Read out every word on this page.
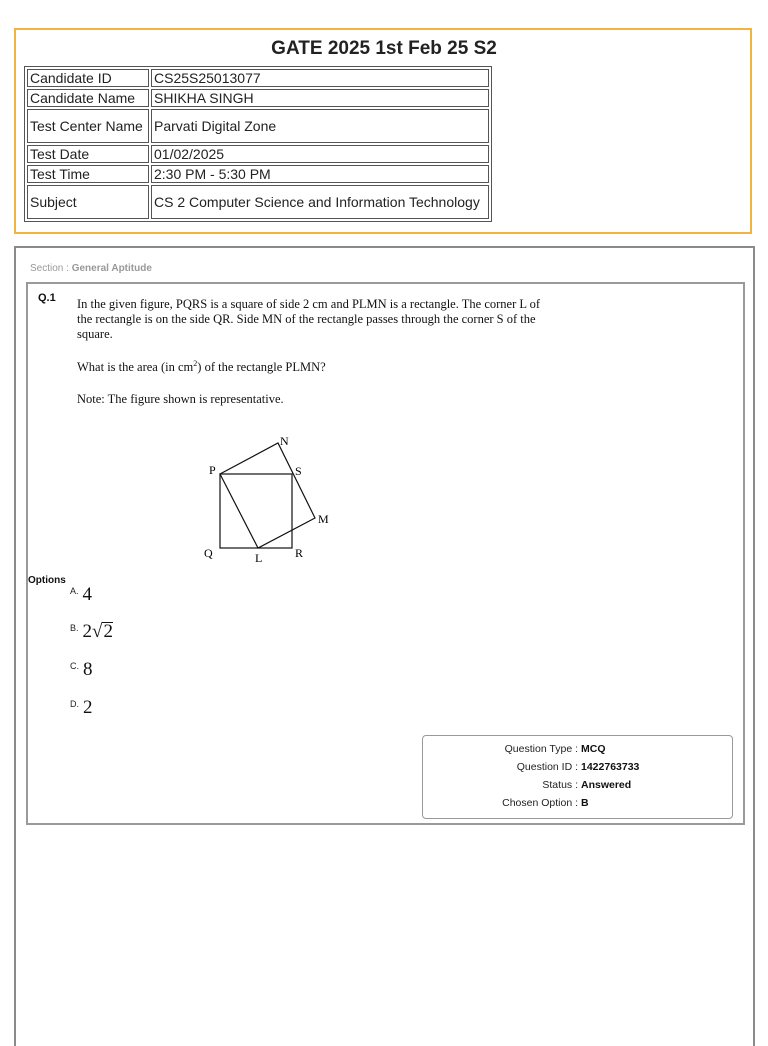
GATE 2025 1st Feb 25 S2
Candidate ID	CS25S25013077
Candidate Name	SHIKHA SINGH
Test Center Name	Parvati Digital Zone
Test Date	01/02/2025
Test Time	2:30 PM - 5:30 PM
Subject	CS 2 Computer Science and Information Technology
Section : General Aptitude
Q.1 In the given figure, PQRS is a square of side 2 cm and PLMN is a rectangle. The corner L of the rectangle is on the side QR. Side MN of the rectangle passes through the corner S of the square.
What is the area (in $cm^2$) of the rectangle PLMN?
Note: The figure shown is representative.
N
P	S
M
Q	L	R
Options
A. 4
B. 2√2
C. 8
D. 2
Question Type : MCQ
Question ID : 1422763733
Status : Answered
Chosen Option : B
